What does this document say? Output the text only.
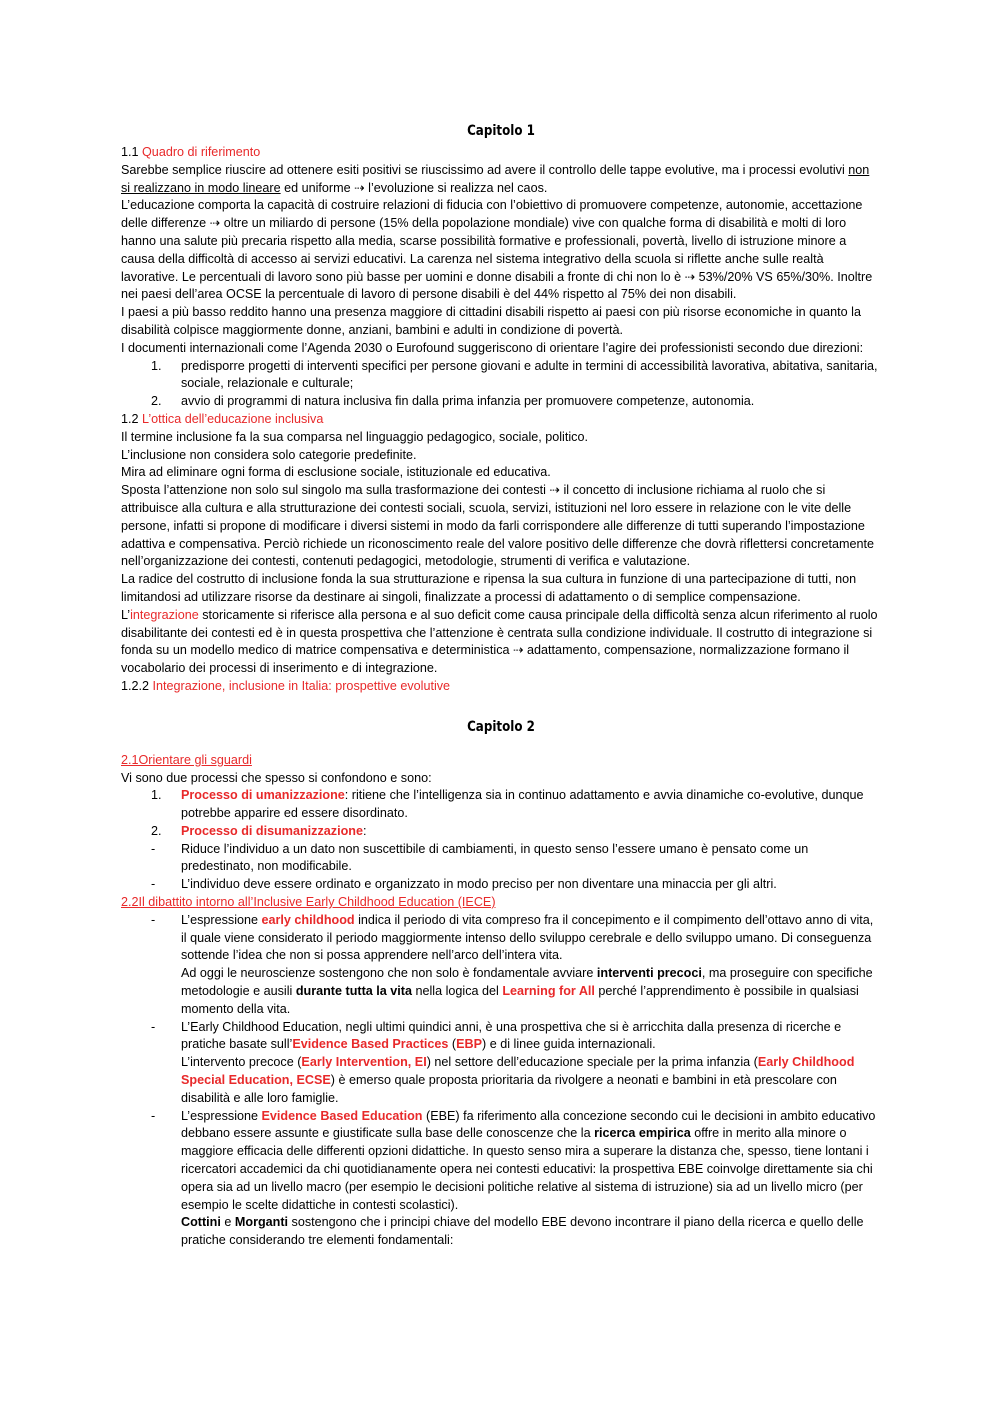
Capitolo 1

1.1 Quadro di riferimento

Sarebbe semplice riuscire ad ottenere esiti positivi se riuscissimo ad avere il controllo delle tappe evolutive, ma i processi evolutivi non si realizzano in modo lineare ed uniforme ⇢ l’evoluzione si realizza nel caos.

L’educazione comporta la capacità di costruire relazioni di fiducia con l’obiettivo di promuovere competenze, autonomie, accettazione delle differenze ⇢ oltre un miliardo di persone (15% della popolazione mondiale) vive con qualche forma di disabilità e molti di loro hanno una salute più precaria rispetto alla media, scarse possibilità formative e professionali, povertà, livello di istruzione minore a causa della difficoltà di accesso ai servizi educativi. La carenza nel sistema integrativo della scuola si riflette anche sulle realtà lavorative. Le percentuali di lavoro sono più basse per uomini e donne disabili a fronte di chi non lo è ⇢ 53%/20% VS 65%/30%. Inoltre nei paesi dell’area OCSE la percentuale di lavoro di persone disabili è del 44% rispetto al 75% dei non disabili.

I paesi a più basso reddito hanno una presenza maggiore di cittadini disabili rispetto ai paesi con più risorse economiche in quanto la disabilità colpisce maggiormente donne, anziani, bambini e adulti in condizione di povertà.

I documenti internazionali come l’Agenda 2030 o Eurofound suggeriscono di orientare l’agire dei professionisti secondo due direzioni:

1. predisporre progetti di interventi specifici per persone giovani e adulte in termini di accessibilità lavorativa, abitativa, sanitaria, sociale, relazionale e culturale;
2. avvio di programmi di natura inclusiva fin dalla prima infanzia per promuovere competenze, autonomia.

1.2 L’ottica dell’educazione inclusiva

Il termine inclusione fa la sua comparsa nel linguaggio pedagogico, sociale, politico.

L’inclusione non considera solo categorie predefinite.

Mira ad eliminare ogni forma di esclusione sociale, istituzionale ed educativa.

Sposta l’attenzione non solo sul singolo ma sulla trasformazione dei contesti ⇢ il concetto di inclusione richiama al ruolo che si attribuisce alla cultura e alla strutturazione dei contesti sociali, scuola, servizi, istituzioni nel loro essere in relazione con le vite delle persone, infatti si propone di modificare i diversi sistemi in modo da farli corrispondere alle differenze di tutti superando l’impostazione adattiva e compensativa. Perciò richiede un riconoscimento reale del valore positivo delle differenze che dovrà riflettersi concretamente nell’organizzazione dei contesti, contenuti pedagogici, metodologie, strumenti di verifica e valutazione.

La radice del costrutto di inclusione fonda la sua strutturazione e ripensa la sua cultura in funzione di una partecipazione di tutti, non limitandosi ad utilizzare risorse da destinare ai singoli, finalizzate a processi di adattamento o di semplice compensazione.

L’integrazione storicamente si riferisce alla persona e al suo deficit come causa principale della difficoltà senza alcun riferimento al ruolo disabilitante dei contesti ed è in questa prospettiva che l’attenzione è centrata sulla condizione individuale. Il costrutto di integrazione si fonda su un modello medico di matrice compensativa e deterministica ⇢ adattamento, compensazione, normalizzazione formano il vocabolario dei processi di inserimento e di integrazione.

1.2.2 Integrazione, inclusione in Italia: prospettive evolutive

Capitolo 2

2.1Orientare gli sguardi

Vi sono due processi che spesso si confondono e sono:

1. Processo di umanizzazione: ritiene che l’intelligenza sia in continuo adattamento e avvia dinamiche co-evolutive, dunque potrebbe apparire ed essere disordinato.
2. Processo di disumanizzazione:
- Riduce l’individuo a un dato non suscettibile di cambiamenti, in questo senso l’essere umano è pensato come un predestinato, non modificabile.
- L’individuo deve essere ordinato e organizzato in modo preciso per non diventare una minaccia per gli altri.

2.2Il dibattito intorno all’Inclusive Early Childhood Education (IECE)

- L’espressione early childhood indica il periodo di vita compreso fra il concepimento e il compimento dell’ottavo anno di vita, il quale viene considerato il periodo maggiormente intenso dello sviluppo cerebrale e dello sviluppo umano. Di conseguenza sottende l’idea che non si possa apprendere nell’arco dell’intera vita.
Ad oggi le neuroscienze sostengono che non solo è fondamentale avviare interventi precoci, ma proseguire con specifiche metodologie e ausili durante tutta la vita nella logica del Learning for All perché l’apprendimento è possibile in qualsiasi momento della vita.
- L’Early Childhood Education, negli ultimi quindici anni, è una prospettiva che si è arricchita dalla presenza di ricerche e pratiche basate sull’Evidence Based Practices (EBP) e di linee guida internazionali.
L’intervento precoce (Early Intervention, EI) nel settore dell’educazione speciale per la prima infanzia (Early Childhood Special Education, ECSE) è emerso quale proposta prioritaria da rivolgere a neonati e bambini in età prescolare con disabilità e alle loro famiglie.
- L’espressione Evidence Based Education (EBE) fa riferimento alla concezione secondo cui le decisioni in ambito educativo debbano essere assunte e giustificate sulla base delle conoscenze che la ricerca empirica offre in merito alla minore o maggiore efficacia delle differenti opzioni didattiche. In questo senso mira a superare la distanza che, spesso, tiene lontani i ricercatori accademici da chi quotidianamente opera nei contesti educativi: la prospettiva EBE coinvolge direttamente sia chi opera sia ad un livello macro (per esempio le decisioni politiche relative al sistema di istruzione) sia ad un livello micro (per esempio le scelte didattiche in contesti scolastici).
Cottini e Morganti sostengono che i principi chiave del modello EBE devono incontrare il piano della ricerca e quello delle pratiche considerando tre elementi fondamentali:
